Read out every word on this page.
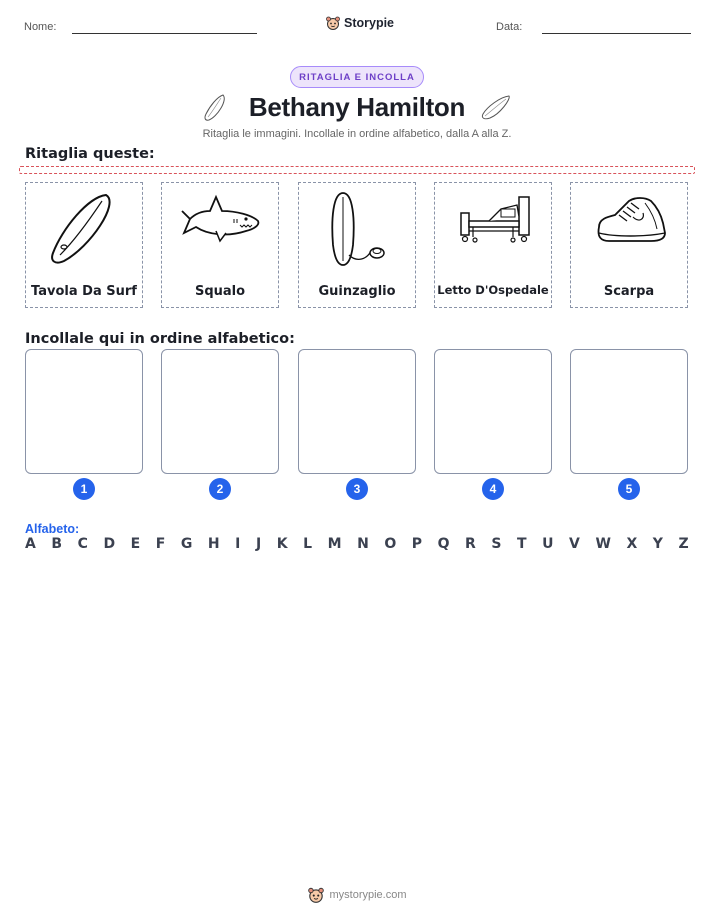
Nome:	Storypie	Data:
RITAGLIA E INCOLLA
Bethany Hamilton
Ritaglia le immagini. Incollale in ordine alfabetico, dalla A alla Z.
Ritaglia queste:
Tavola Da Surf	Squalo	Guinzaglio	Letto D'Ospedale	Scarpa
Incollale qui in ordine alfabetico:
1	2	3	4	5
Alfabeto:
A B C D E F G H I J K L M N O P Q R S T U V W X Y Z
mystorypie.com
